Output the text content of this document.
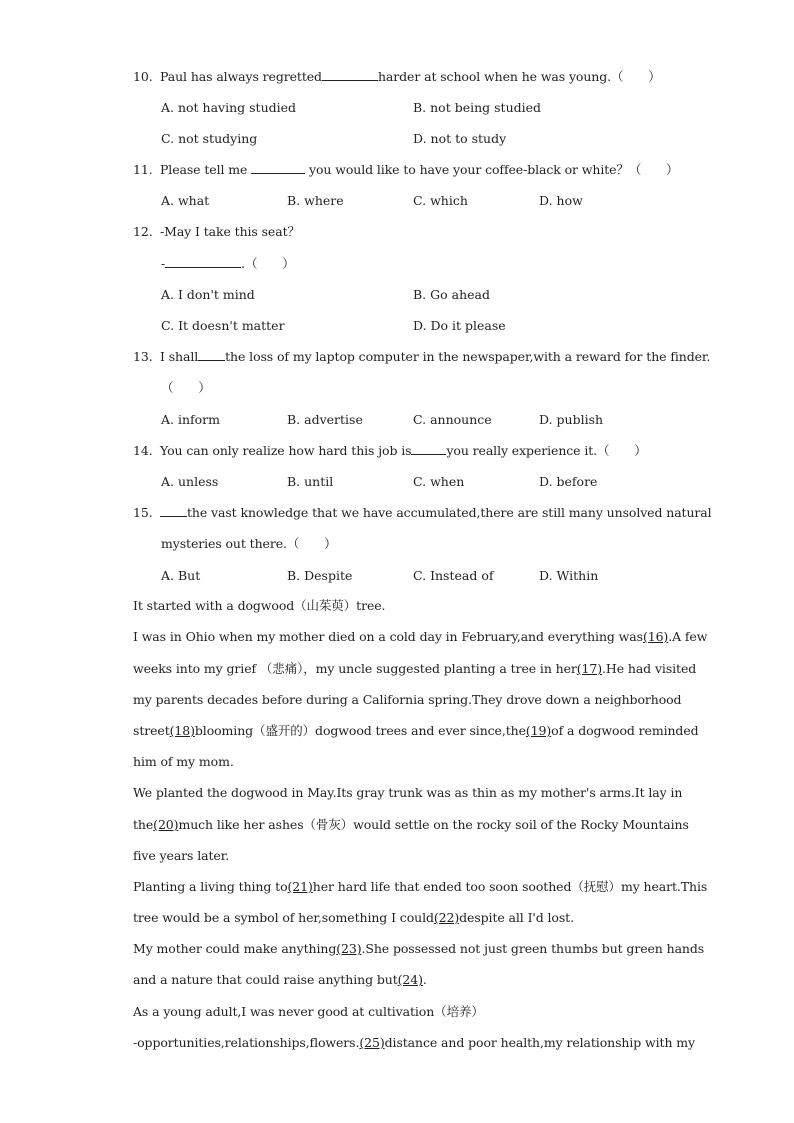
10. Paul has always regretted	harder at school when he was young.（　　）
A. not having studied	B. not being studied
C. not studying	D. not to study
11. Please tell me	you would like to have your coffee-black or white？（　　）
A. what	B. where	C. which	D. how
12. -May I take this seat？
-	.（　　）
A. I don't mind	B. Go ahead
C. It doesn't matter	D. Do it please
13. I shall the loss of my laptop computer in the newspaper,with a reward for the finder.
（　　）
A. inform	B. advertise	C. announce	D. publish
14. You can only realize how hard this job is	you really experience it.（　　）
A. unless	B. until	C. when	D. before
15.	the vast knowledge that we have accumulated,there are still many unsolved natural
mysteries out there.（　　）
A. But	B. Despite	C. Instead of	D. Within
It started with a dogwood（山茱萸）tree.
I was in Ohio when my mother died on a cold day in February,and everything was(16).A few
weeks into my grief （悲痛），my uncle suggested planting a tree in her(17).He had visited
my parents decades before during a California spring.They drove down a neighborhood
street(18)blooming（盛开的）dogwood trees and ever since,the(19)of a dogwood reminded
him of my mom.
We planted the dogwood in May.Its gray trunk was as thin as my mother's arms.It lay in
the(20)much like her ashes（骨灰）would settle on the rocky soil of the Rocky Mountains
five years later.
Planting a living thing to(21)her hard life that ended too soon soothed（抚慰）my heart.This
tree would be a symbol of her,something I could(22)despite all I'd lost.
My mother could make anything(23).She possessed not just green thumbs but green hands
and a nature that could raise anything but(24).
As a young adult,I was never good at cultivation（培养）
-opportunities,relationships,flowers.(25)distance and poor health,my relationship with my
